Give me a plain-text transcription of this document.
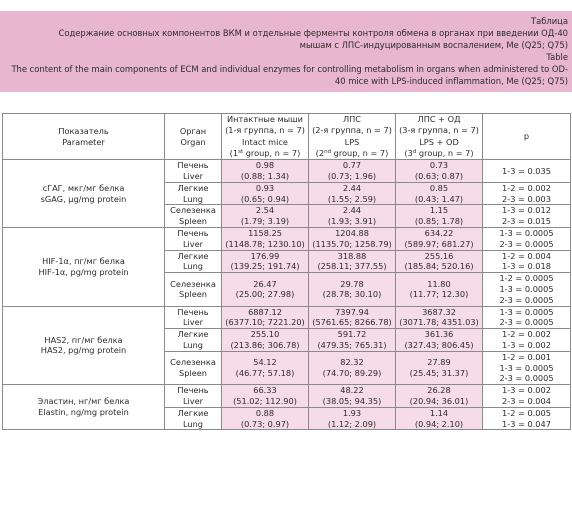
Таблица
Содержание основных компонентов ВКМ и отдельные ферменты контроля обмена в органах при введении ОД-40 мышам с ЛПС-индуцированным воспалением, Me (Q25; Q75)
Table
The content of the main components of ECM and individual enzymes for controlling metabolism in organs when administered to OD-40 mice with LPS-induced inflammation, Me (Q25; Q75)
Показатель
Parameter	Орган
Organ	Интактные мыши
(1-я группа, n = 7)
Intact mice
(1st group, n = 7)	ЛПС
(2-я группа, n = 7)
LPS
(2nd group, n = 7)	ЛПС + ОД
(3-я группа, n = 7)
LPS + OD
(3$^d$ group, n = 7)	p

сГАГ, мкг/мг белка
sGAG, μg/mg protein	Печень
Liver	0.98
(0.88; 1.34)	0.77
(0.73; 1.96)	0.73
(0.63; 0.87)	1-3 = 0.035

	Легкие
Lung	0.93
(0.65; 0.94)	2.44
(1.55; 2.59)	0.85
(0.43; 1.47)	1-2 = 0.002
2-3 = 0.003

	Селезенка
Spleen	2.54
(1.79; 3.19)	2.44
(1.93; 3.91)	1.15
(0.85; 1.78)	1-3 = 0.012
2-3 = 0.015

HIF-1α, пг/мг белка
HIF-1α, pg/mg protein	Печень
Liver	1158.25
(1148.78; 1230.10)	1204.88
(1135.70; 1258.79)	634.22
(589.97; 681.27)	1-3 = 0.0005
2-3 = 0.0005

	Легкие
Lung	176.99
(139.25; 191.74)	318.88
(258.11; 377.55)	255.16
(185.84; 520.16)	1-2 = 0.004
1-3 = 0.018

	Селезенка
Spleen	26.47
(25.00; 27.98)	29.78
(28.78; 30.10)	11.80
(11.77; 12.30)	1-2 = 0.0005
1-3 = 0.0005
2-3 = 0.0005

HAS2, пг/мг белка
HAS2, pg/mg protein	Печень
Liver	6887.12
(6377.10; 7221.20)	7397.94
(5761.65; 8266.78)	3687.32
(3071.78; 4351.03)	1-3 = 0.0005
2-3 = 0.0005

	Легкие
Lung	255.10
(213.86; 306.78)	591.72
(479.35; 765.31)	361.36
(327.43; 806.45)	1-2 = 0.002
1-3 = 0.002

	Селезенка
Spleen	54.12
(46.77; 57.18)	82.32
(74.70; 89.29)	27.89
(25.45; 31.37)	1-2 = 0.001
1-3 = 0.0005
2-3 = 0.0005

Эластин, нг/мг белка
Elastin, ng/mg protein	Печень
Liver	66.33
(51.02; 112.90)	48.22
(38.05; 94.35)	26.28
(20.94; 36.01)	1-3 = 0.002
2-3 = 0.004

	Легкие
Lung	0.88
(0.73; 0.97)	1.93
(1.12; 2.09)	1.14
(0.94; 2.10)	1-2 = 0.005
1-3 = 0.047
